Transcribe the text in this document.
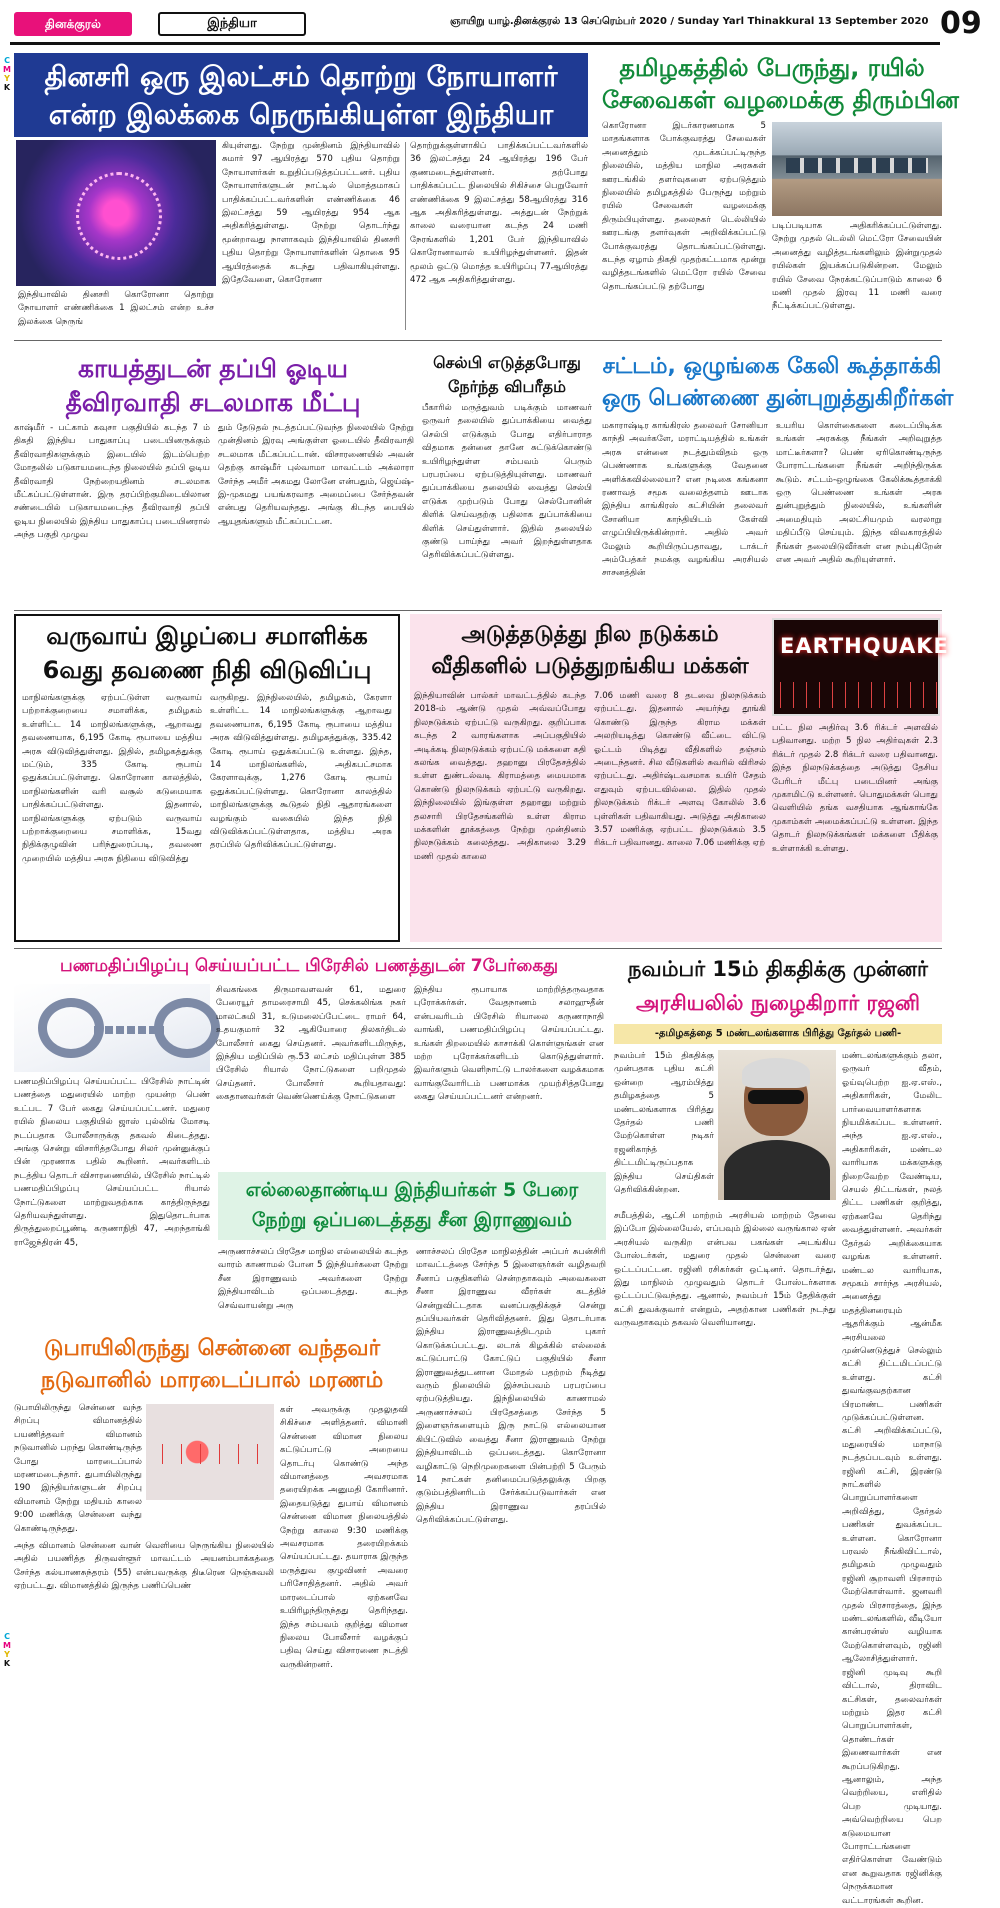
தினக்குரல்	இந்தியா	ஞாயிறு யாழ்.தினக்குரல் 13 செப்ரெம்பர் 2020 / Sunday Yarl Thinakkural 13 September 2020 09
C
M
Y
K
C
M
Y
K
தினசரி ஒரு இலட்சம் தொற்று நோயாளர்
என்ற இலக்கை நெருங்கியுள்ள இந்தியா
இந்தியாவில் தினசரி கொரோனா தொற்று நோயாளர் எண்ணிக்கை 1 இலட்சம் என்ற உச்ச இலக்கை நெருங்
கியுள்ளது. நேற்று முன்தினம் இந்தியாவில் சுமார் 97 ஆயிரத்து 570 புதிய தொற்று நோயாளர்கள் உறுதிப்படுத்தப்பட்டனர். புதிய நோயாளர்களுடன் நாட்டில் மொத்தமாகப் பாதிக்கப்பட்டவர்களின் எண்ணிக்கை 46 இலட்சத்து 59 ஆயிரத்து 954 ஆக அதிகரித்துள்ளது. நேற்று தொடர்ந்து மூன்றாவது நாளாகவும் இந்தியாவில் தினசரி புதிய தொற்று நோயாளர்களின் தொகை 95 ஆயிரத்தைக் கடந்து பதிவாகியுள்ளது. இதேவேளை, கொரோனா
தொற்றுக்குள்ளாகிப் பாதிக்கப்பட்டவர்களில் 36 இலட்சத்து 24 ஆயிரத்து 196 பேர் குணமடைந்துள்ளனர். தற்போது பாதிக்கப்பட்ட நிலையில் சிகிச்சை பெறுவோர் எண்ணிக்கை 9 இலட்சத்து 58ஆயிரத்து 316 ஆக அதிகரித்துள்ளது. அத்துடன் நேற்றுக் காலை வரையான கடந்த 24 மணி நேரங்களில் 1,201 பேர் இந்தியாவில் கொரோனாவால் உயிரிழந்துள்ளனர். இதன் மூலம் ஒட்டு மொத்த உயிரிழப்பு 77ஆயிரத்து 472 ஆக அதிகரித்துள்ளது.
தமிழகத்தில் பேருந்து, ரயில்
சேவைகள் வழமைக்கு திரும்பின
கொரோனா இடர்காரணமாக 5 மாதங்களாக போக்குவரத்து சேவைகள் அனைத்தும் முடக்கப்பட்டிருந்த நிலையில், மத்திய மாநில அரசுகள் ஊரடங்கில் தளர்வுகளை ஏற்படுத்தும் நிலையில் தமிழகத்தில் பேருந்து மற்றும் ரயில் சேவைகள் வழமைக்கு திரும்பியுள்ளது. தலைநகர் டெல்லியில் ஊரடங்கு தளர்வுகள் அறிவிக்கப்பட்டு போக்குவரத்து தொடங்கப்பட்டுள்ளது. கடந்த ஏழாம் திகதி முதற்கட்டமாக மூன்று வழித்தடங்களில் மெட்ரோ ரயில் சேவை தொடங்கப்பட்டு தற்போது
படிப்படியாக அதிகரிக்கப்பட்டுள்ளது. நேற்று முதல் டெல்லி மெட்ரோ சேவையின் அனைத்து வழித்தடங்களிலும் இன்றுமுதல் ரயில்கள் இயக்கப்படுகின்றன. மேலும் ரயில் சேவை நேரக்கட்டுப்பாடும் காலை 6 மணி முதல் இரவு 11 மணி வரை நீட்டிக்கப்பட்டுள்ளது.
காயத்துடன் தப்பி ஓடிய
தீவிரவாதி சடலமாக மீட்பு
காஷ்மீர் - பட்காம் கவுசா பகுதியில் கடந்த 7 ம் திகதி இந்திய பாதுகாப்பு படையினருக்கும் தீவிரவாதிகளுக்கும் இடையில் இடம்பெற்ற மோதலில் படுகாயமடைந்த நிலையில் தப்பி ஓடிய தீவிரவாதி நேற்றையதினம் சடலமாக மீட்கப்பட்டுள்ளான். இரு தரப்பிற்குமிடையிலான சண்டையில் படுகாயமடைந்த தீவிரவாதி தப்பி ஓடிய நிலையில் இந்திய பாதுகாப்பு படையினரால் அந்த பகுதி முழுவ
தும் தேடுதல் நடத்தப்பட்டுவந்த நிலையில் நேற்று முன்தினம் இரவு அங்குள்ள ஓடையில் தீவிரவாதி சடலமாக மீட்கப்பட்டான். விசாரணையில் அவன் தெற்கு காஷ்மீர் புல்வாமா மாவட்டம் அக்லாரா சேர்ந்த அமீர் அகமது லோனே என்பதும், ஜெய்ஷ்-இ-முகமது பயங்கரவாத அமைப்பை சேர்ந்தவன் என்பது தெரியவந்தது. அங்கு கிடந்த பையில் ஆயுதங்களும் மீட்கப்பட்டன.
செல்பி எடுத்தபோது
நேர்ந்த விபரீதம்
பீகாரில் மருத்துவம் படிக்கும் மாணவர் ஒருவர் தலையில் துப்பாக்கியை வைத்து செல்பி எடுக்கும் போது எதிர்பாராத விதமாக தன்னை தானே சுட்டுக்கொண்டு உயிரிழந்துள்ள சம்பவம் பெரும் பரபரப்பை ஏற்படுத்தியுள்ளது. மாணவர் துப்பாக்கியை தலையில் வைத்து செல்பி எடுக்க முற்படும் போது செல்போனின் கிளிக் செய்வதற்கு பதிலாக துப்பாக்கியை கிளிக் செய்துள்ளார். இதில் தலையில் குண்டு பாய்ந்து அவர் இறந்துள்ளதாக தெரிவிக்கப்பட்டுள்ளது.
சட்டம், ஒழுங்கை கேலி கூத்தாக்கி
ஒரு பெண்ணை துன்புறுத்துகிறீர்கள்
மகாராஷ்டிர காங்கிரஸ் தலைவர் சோனியா காந்தி அவர்களே, மராட்டியத்தில் உங்கள் அரசு என்னை நடத்தும்விதம் ஒரு பெண்ணாக உங்களுக்கு வேதனை அளிக்கவில்லையா? என நடிகை கங்கனா ரணாவத் சமூக வலைத்தளம் ஊடாக இந்திய காங்கிரஸ் கட்சியின் தலைவர் சோனியா காந்தியிடம் கேள்வி எழுப்பியிருக்கின்றார். அதில் அவர் மேலும் கூறியிருப்பதாவது, டாக்டர் அம்பேத்கர் நமக்கு வழங்கிய அரசியல் சாசனத்தின்
உயரிய கொள்கைகளை கடைப்பிடிக்க உங்கள் அரசுக்கு நீங்கள் அறிவுறுத்த மாட்டீர்களா? பெண் ஏரிகொண்டிருந்த போராட்டங்களை நீங்கள் அறிந்திருக்க கூடும். சட்டம்-ஒழுங்கை கேலிக்கூத்தாக்கி ஒரு பெண்ணை உங்கள் அரசு துன்புறுத்தும் நிலையில், உங்களின் அமைதியும் அலட்சியமும் வரலாறு மதிப்பீடு செய்யும். இந்த விவகாரத்தில் நீங்கள் தலையிடுவீர்கள் என நம்புகிறேன் என அவர் அதில் கூறியுள்ளார்.
வருவாய் இழப்பை சமாளிக்க
6வது தவணை நிதி விடுவிப்பு
மாநிலங்களுக்கு ஏற்பட்டுள்ள வருவாய் பற்றாக்குறையை சமாளிக்க, தமிழகம் உள்ளிட்ட 14 மாநிலங்களுக்கு, ஆறாவது தவணையாக, 6,195 கோடி ரூபாயை மத்திய அரசு விடுவித்துள்ளது. இதில், தமிழகத்துக்கு மட்டும், 335 கோடி ரூபாய் ஒதுக்கப்பட்டுள்ளது. கொரோனா காலத்தில், மாநிலங்களின் வரி வசூல் கடுமையாக பாதிக்கப்பட்டுள்ளது. இதனால், மாநிலங்களுக்கு ஏற்படும் வருவாய் பற்றாக்குறையை சமாளிக்க, 15வது நிதிக்குழுவின் பரிந்துரைப்படி, தவணை முறையில் மத்திய அரசு நிதியை விடுவித்து
வருகிறது. இந்நிலையில், தமிழகம், கேரளா உள்ளிட்ட 14 மாநிலங்களுக்கு ஆறாவது தவணையாக, 6,195 கோடி ரூபாயை மத்திய அரசு விடுவித்துள்ளது. தமிழகத்துக்கு, 335.42 கோடி ரூபாய் ஒதுக்கப்பட்டு உள்ளது. இந்த, 14 மாநிலங்களில், அதிகபட்சமாக கேரளாவுக்கு, 1,276 கோடி ரூபாய் ஒதுக்கப்பட்டுள்ளது. கொரோனா காலத்தில் மாநிலங்களுக்கு கூடுதல் நிதி ஆதாரங்களை வழங்கும் வகையில் இந்த நிதி விடுவிக்கப்பட்டுள்ளதாக, மத்திய அரசு தரப்பில் தெரிவிக்கப்பட்டுள்ளது.
அடுத்தடுத்து நில நடுக்கம்
வீதிகளில் படுத்துறங்கிய மக்கள்
EARTHQUAKE
இந்தியாவின் பால்கர் மாவட்டத்தில் கடந்த 2018-ம் ஆண்டு முதல் அவ்வப்போது நிலநடுக்கம் ஏற்பட்டு வருகிறது. குறிப்பாக கடந்த 2 வாரங்களாக அப்பகுதியில் அடிக்கடி நிலநடுக்கம் ஏற்பட்டு மக்களை கதி கலங்க வைத்தது. தஹானு பிரதேசத்தில் உள்ள துண்டல்வடி கிராமத்தை மையமாக கொண்டு நிலநடுக்கம் ஏற்பட்டு வருகிறது. இந்நிலையில் இங்குள்ள தஹானு மற்றும் தலசாரி பிரதேசங்களில் உள்ள கிராம மக்களின் தூக்கத்தை நேற்று முன்தினம் நிலநடுக்கம் கலைத்தது. அதிகாலை 3.29 மணி முதல் காலை
7.06 மணி வரை 8 தடவை நிலநடுக்கம் ஏற்பட்டது. இதனால் அயர்ந்து தூங்கி கொண்டு இருந்த கிராம மக்கள் அலறியடித்து கொண்டு வீட்டை விட்டு ஓட்டம் பிடித்து வீதிகளில் தஞ்சம் அடைந்தனர். சில வீடுகளில் சுவரில் விரிசல் ஏற்பட்டது. அதிர்ஷ்டவசமாக உயிர் சேதம் எதுவும் ஏற்படவில்லை. இதில் முதல் நிலநடுக்கம் ரிக்டர் அளவு கோலில் 3.6 புள்ளிகள் பதிவாகியது. அடுத்து அதிகாலை 3.57 மணிக்கு ஏற்பட்ட நிலநடுக்கம் 3.5 ரிக்டர் பதிவானது. காலை 7.06 மணிக்கு ஏற்
பட்ட நில அதிர்வு 3.6 ரிக்டர் அளவில் பதிவானது. மற்ற 5 நில அதிர்வுகள் 2.3 ரிக்டர் முதல் 2.8 ரிக்டர் வரை பதிவானது. இந்த நிலநடுக்கத்தை அடுத்து தேசிய பேரிடர் மீட்பு படையினர் அங்கு முகாமிட்டு உள்ளனர். பொதுமக்கள் பொது வெளியில் தங்க வசதியாக ஆங்காங்கே முகாம்கள் அமைக்கப்பட்டு உள்ளன. இந்த தொடர் நிலநடுக்கங்கள் மக்களை பீதிக்கு உள்ளாக்கி உள்ளது.
பணமதிப்பிழப்பு செய்யப்பட்ட பிரேசில் பணத்துடன் 7பேர்கைது
பணமதிப்பிழப்பு செய்யப்பட்ட பிரேசில் நாட்டின் பணத்தை மதுரையில் மாற்ற முயன்ற பெண் உட்பட 7 பேர் கைது செய்யப்பட்டனர். மதுரை ரயில் நிலைய பகுதியில் ஜாஸ் புல்லிங் மோசடி நடப்பதாக போலீசாருக்கு தகவல் கிடைத்தது. அங்கு சென்று விசாரித்தபோது சிலர் முன்னுக்குப் பின் முரணாக பதில் கூறினர். அவர்களிடம் நடத்திய தொடர் விசாரணையில், பிரேசில் நாட்டில் பணமதிப்பிழப்பு செய்யப்பட்ட ரியால் நோட்டுகளை மாற்றுவதற்காக காத்திருந்தது தெரியவந்துள்ளது. இதுதொடர்பாக திருத்துறைப்பூண்டி கருணாநிதி 47, அறந்தாங்கி ராஜேந்திரன் 45,
சிவகங்கை திருமாவளவன் 61, மதுரை பேரையூர் தாமரைசாமி 45, செக்கலிங்க நகர் மாலட்சுமி 31, உடுமலைப்பேட்டை ராமர் 64, உதயகுமார் 32 ஆகியோரை திலகர்திடல் போலீசார் கைது செய்தனர். அவர்களிடமிருந்த, இந்திய மதிப்பில் ரூ.53 லட்சம் மதிப்புள்ள 385 பிரேசில் ரியால் நோட்டுகளை பறிமுதல் செய்தனர். போலீசார் கூறியதாவது: கைதானவர்கள் வெண்ணெய்க்கு நோட்டுகளை
இந்திய ரூபாயாக மாற்றித்தருவதாக புரோக்கர்கள். வேதநாணம் சலாஹுதீன் என்பவரிடம் பிரேசில் ரியாலை கருணாநாதி வாங்கி, பணமதிப்பிழப்பு செய்யப்பட்டது. உங்கள் திறமையில் காசாக்கி கொள்ளுங்கள் என மற்ற புரோக்கர்களிடம் கொடுத்துள்ளார். இவர்களும் வெளிநாட்டு டாலர்களை வழக்கமாக வாங்குவோரிடம் பணமாக்க முயற்சித்தபோது கைது செய்யப்பட்டனர் என்றனர்.
எல்லைதாண்டிய இந்தியர்கள் 5 பேரை
நேற்று ஒப்படைத்தது சீன இராணுவம்
அருணாச்சலப் பிரதேச மாநில எல்லையில் கடந்த வாரம் காணாமல் போன 5 இந்தியர்களை நேற்று சீன இராணுவம் அவர்களை நேற்று இந்தியாவிடம் ஒப்படைத்தது. கடந்த செவ்வாயன்று அரு
ணாச்சலப் பிரதேச மாநிலத்தின் அப்பர் சுபன்சிரி மாவட்டத்தை சேர்ந்த 5 இளைஞர்கள் வழிதவறி சீனாப் பகுதிகளில் சென்றதாகவும் அவைகளை சீனா இராணுவ வீரர்கள் கடத்திச் சென்றுவிட்டதாக வனப்பகுதிக்குச் சென்று தப்பியவர்கள் தெரிவித்தனர். இது தொடர்பாக இந்திய இராணுவத்திடமும் புகார் கொடுக்கப்பட்டது. லடாக் கிழக்கில் எல்லைக் கட்டுப்பாட்டு கோட்டுப் பகுதியில் சீனா இராணுவத்துடனான மோதல் பதற்றம் நீடித்து வரும் நிலையில் இச்சம்பவம் பரபரப்பை ஏற்படுத்தியது. இந்நிலையில் காணாமல் அருணாச்சலப் பிரதேசத்தை சேர்ந்த 5 இளைஞர்களையும் இரு நாட்டு எல்லையான கிபிட்டுவில் வைத்து சீனா இராணுவம் நேற்று இந்தியாவிடம் ஒப்படைத்தது. கொரோனா வழிகாட்டு நெறிமுறைகளை பின்பற்றி 5 பேரும் 14 நாட்கள் தனிமைப்படுத்தலுக்கு பிறகு குடும்பத்தினரிடம் சேர்க்கப்படுவார்கள் என இந்திய இராணுவ தரப்பில் தெரிவிக்கப்பட்டுள்ளது.
டுபாயிலிருந்து சென்னை வந்தவர்
நடுவானில் மாரடைப்பால் மரணம்
டுபாயிலிருந்து சென்னை வந்த சிறப்பு விமானத்தில் பயணித்தவர் விமானம் நடுவானில் பறந்து கொண்டிருந்த போது மாரடைப்பால் மரணமடைந்தார். துபாயிலிருந்து 190 இந்தியர்களுடன் சிறப்பு விமானம் நேற்று மதியம் காலை 9:00 மணிக்கு சென்னை வந்து கொண்டிருந்தது.
அந்த விமானம் சென்னை வான் வெளியை நெருங்கிய நிலையில் அதில் பயணித்த திருவள்ளூர் மாவட்டம் அயனம்பாக்கத்தை சேர்ந்த கல்யாணசுந்தரம் (55) என்பவருக்கு திடீரென நெஞ்சுவலி ஏற்பட்டது. விமானத்தில் இருந்த பணிப்பெண்
கள் அவருக்கு முதலுதவி சிகிச்சை அளித்தனர். விமானி சென்னை விமான நிலைய கட்டுப்பாட்டு அறையை தொடர்பு கொண்டு அந்த விமானத்தை அவசரமாக தரையிறக்க அனுமதி கோரினார். இதையடுத்து துபாய் விமானம் சென்னை விமான நிலையத்தில் நேற்று காலை 9:30 மணிக்கு அவசரமாக தரையிறக்கம் செய்யப்பட்டது. தயாராக இருந்த மருத்துவ குழுவினர் அவரை பரிசோதித்தனர். அதில் அவர் மாரடைப்பால் ஏற்கனவே உயிரிழந்திருந்தது தெரிந்தது. இந்த சம்பவம் குறித்து விமான நிலைய போலீசார் வழக்குப் பதிவு செய்து விசாரணை நடத்தி வருகின்றனர்.
நவம்பர் 15ம் திகதிக்கு முன்னர்
அரசியலில் நுழைகிறார் ரஜனி
-தமிழகத்தை 5 மண்டலங்களாக பிரித்து தேர்தல் பணி-
நவம்பர் 15ம் திகதிக்கு முன்பதாக புதிய கட்சி ஒன்றை ஆரம்பித்து தமிழகத்தை 5 மண்டலங்களாக பிரித்து தேர்தல் பணி மேற்கொள்ள நடிகர் ரஜனிகாந்த் திட்டமிட்டிருப்பதாக இந்திய செய்திகள் தெரிவிக்கின்றன.
சமீபத்தில், ஆட்சி மாற்றம் அரசியல் மாற்றம் தேவை இப்போ இல்லையேல், எப்பவும் இல்லை வருங்கால ஏன் அரசியல் வருகிற என்பவ பகங்கள் அடங்கிய போஸ்டர்கள், மதுரை முதல் சென்னை வரை ஒட்டப்பட்டன. ரஜினி ரசிகர்கள் ஒட்டினர். தொடர்ந்து, இது மாநிலம் முழுவதும் தொடர் போஸ்டர்களாக ஒட்டப்பட்டுவந்தது. ஆனால், நவம்பர் 15ம் தேதிக்குள் கட்சி துவக்குவார் என்றும், அதற்கான பணிகள் நடந்து வருவதாகவும் தகவல் வெளியானது.
மண்டலங்களுக்கும் தலா, ஒருவர் வீதம், ஓய்வுபெற்ற ஐ.ஏ.எஸ்., அதிகாரிகள், மேலிட பார்வையாளர்களாக நியமிக்கப்பட உள்ளனர். அந்த ஐ.ஏ.எஸ்., அதிகாரிகள், மண்டல வாரியாக மக்களுக்கு நிறைவேற்ற வேண்டிய, செயல் திட்டங்கள், நலத் திட்ட பணிகள் குறித்து, ஏற்கனவே தெரிந்து வைத்துள்ளனர். அவர்கள் தேர்தல் அறிக்கையாக வழங்க உள்ளனர். மண்டல வாரியாக, சமூகம் சார்ந்த அரசியல், அனைத்து மதத்தினரையும் ஆதரிக்கும் ஆன்மீக அரசியலை முன்னெடுத்துச் செல்லும் கட்சி திட்டமிடப்பட்டு உள்ளது. கட்சி துவங்குவதற்கான பிரமாண்ட பணிகள் முடுக்கப்பட்டுள்ளன. கட்சி அறிவிக்கப்பட்டு, மதுரையில் மாநாடு நடத்தப்படவும் உள்ளது. ரஜினி கட்சி, இரண்டு நாட்களில் பொறுப்பாளர்களை அறிவித்து, தேர்தல் பணிகள் துவக்கப்பட உள்ளன. கொரோனா பரவல் நீங்கிவிட்டால், தமிழகம் முழுவதும் ரஜினி சூறாவளி பிரசாரம் மேற்கொள்வார். ஜனவரி முதல் பிரசாரத்தை, இந்த மண்டலங்களில், வீடியோ கான்பரன்ஸ் வழியாக மேற்கொள்ளவும், ரஜினி ஆலோசித்துள்ளார். ரஜினி முடிவு கூறி விட்டால், திராவிட கட்சிகள், தலைவர்கள் மற்றும் இதர கட்சி பொறுப்பாளர்கள், தொண்டர்கள் இணைவார்கள் என கூறப்படுகிறது. ஆனாலும், அந்த வெற்றியை, எளிதில் பெற முடியாது. அவ்வெற்றியை பெற கடுமையான போராட்டங்களை எதிர்கொள்ள வேண்டும் என கூறுவதாக ரஜினிக்கு நெருக்கமான வட்டாரங்கள் கூறின.
